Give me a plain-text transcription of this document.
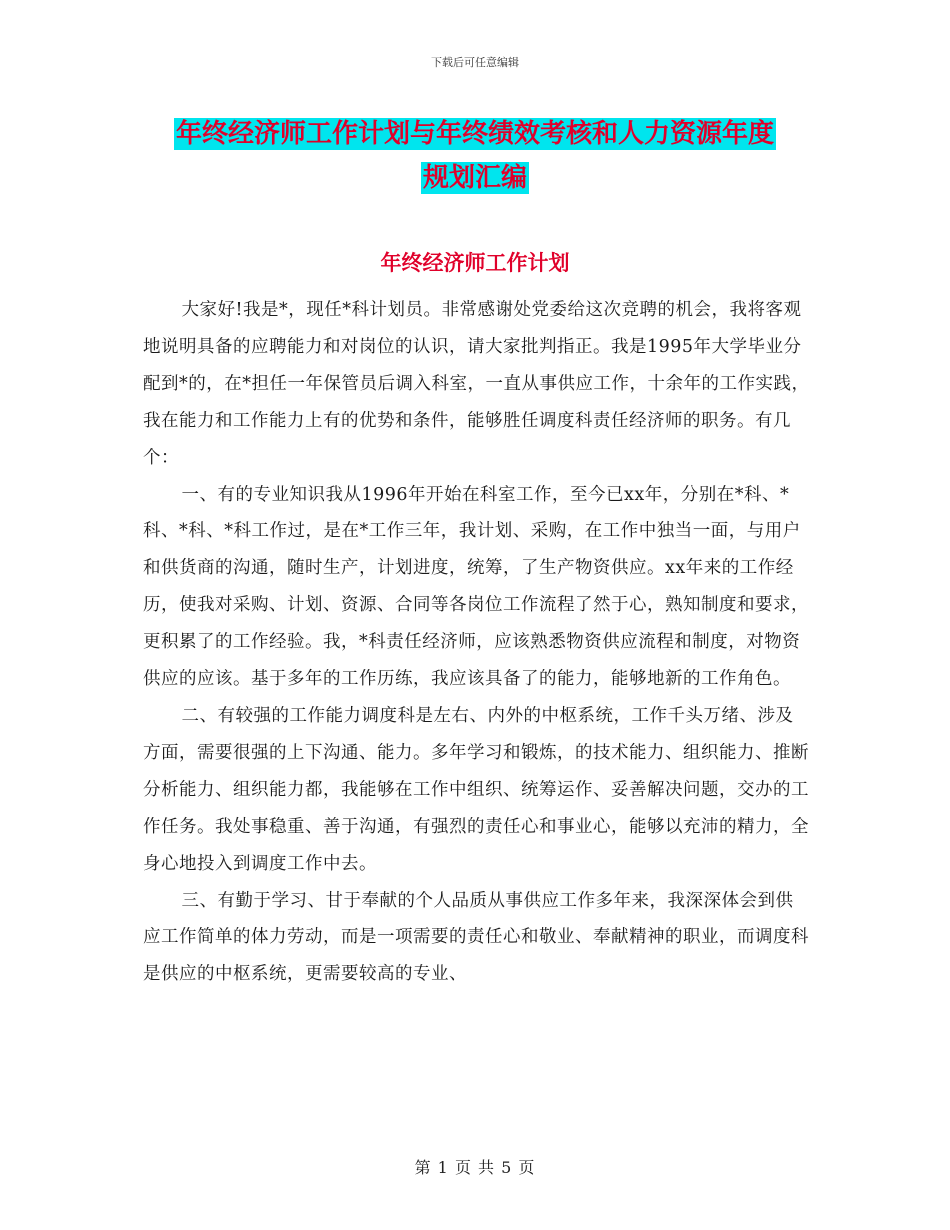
下载后可任意编辑
年终经济师工作计划与年终绩效考核和人力资源年度
规划汇编
年终经济师工作计划

大家好!我是*，现任*科计划员。非常感谢处党委给这次竞聘的机会，我将客观地说明具备的应聘能力和对岗位的认识，请大家批判指正。我是1995年大学毕业分配到*的，在*担任一年保管员后调入科室，一直从事供应工作，十余年的工作实践，我在能力和工作能力上有的优势和条件，能够胜任调度科责任经济师的职务。有几个：

一、有的专业知识我从1996年开始在科室工作，至今已xx年，分别在*科、*科、*科、*科工作过，是在*工作三年，我计划、采购，在工作中独当一面，与用户和供货商的沟通，随时生产，计划进度，统筹，了生产物资供应。xx年来的工作经历，使我对采购、计划、资源、合同等各岗位工作流程了然于心，熟知制度和要求，更积累了的工作经验。我，*科责任经济师，应该熟悉物资供应流程和制度，对物资供应的应该。基于多年的工作历练，我应该具备了的能力，能够地新的工作角色。

二、有较强的工作能力调度科是左右、内外的中枢系统，工作千头万绪、涉及方面，需要很强的上下沟通、能力。多年学习和锻炼，的技术能力、组织能力、推断分析能力、组织能力都，我能够在工作中组织、统筹运作、妥善解决问题，交办的工作任务。我处事稳重、善于沟通，有强烈的责任心和事业心，能够以充沛的精力，全身心地投入到调度工作中去。

三、有勤于学习、甘于奉献的个人品质从事供应工作多年来，我深深体会到供应工作简单的体力劳动，而是一项需要的责任心和敬业、奉献精神的职业，而调度科是供应的中枢系统，更需要较高的专业、

第 1 页 共 5 页
